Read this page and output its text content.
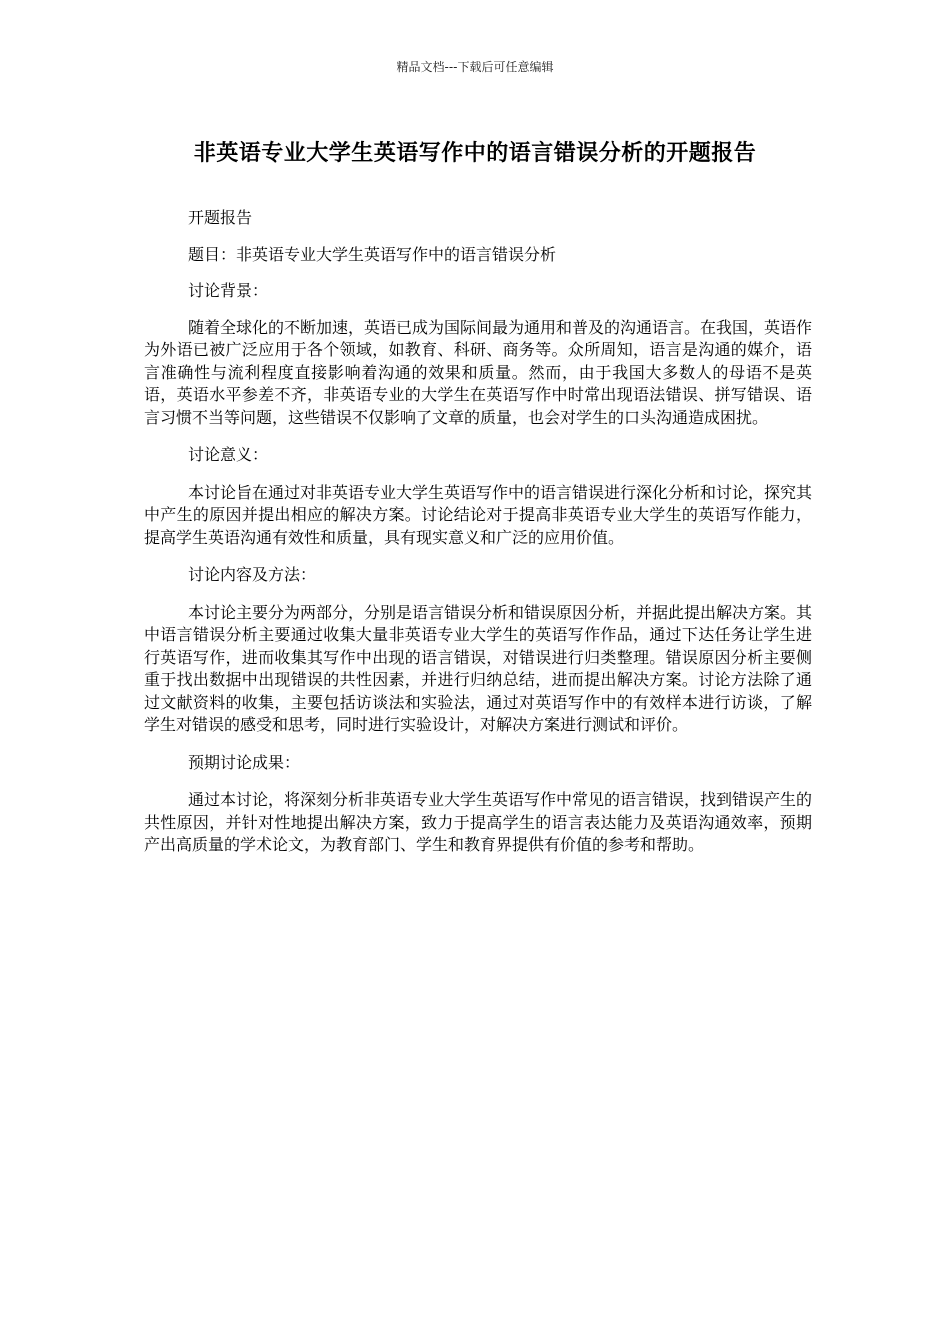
精品文档---下载后可任意编辑
非英语专业大学生英语写作中的语言错误分析的开题报告

开题报告

题目：非英语专业大学生英语写作中的语言错误分析

讨论背景：

随着全球化的不断加速，英语已成为国际间最为通用和普及的沟通语言。在我国，英语作为外语已被广泛应用于各个领域，如教育、科研、商务等。众所周知，语言是沟通的媒介，语言准确性与流利程度直接影响着沟通的效果和质量。然而，由于我国大多数人的母语不是英语，英语水平参差不齐，非英语专业的大学生在英语写作中时常出现语法错误、拼写错误、语言习惯不当等问题，这些错误不仅影响了文章的质量，也会对学生的口头沟通造成困扰。

讨论意义：

本讨论旨在通过对非英语专业大学生英语写作中的语言错误进行深化分析和讨论，探究其中产生的原因并提出相应的解决方案。讨论结论对于提高非英语专业大学生的英语写作能力，提高学生英语沟通有效性和质量，具有现实意义和广泛的应用价值。

讨论内容及方法：

本讨论主要分为两部分，分别是语言错误分析和错误原因分析，并据此提出解决方案。其中语言错误分析主要通过收集大量非英语专业大学生的英语写作作品，通过下达任务让学生进行英语写作，进而收集其写作中出现的语言错误，对错误进行归类整理。错误原因分析主要侧重于找出数据中出现错误的共性因素，并进行归纳总结，进而提出解决方案。讨论方法除了通过文献资料的收集，主要包括访谈法和实验法，通过对英语写作中的有效样本进行访谈，了解学生对错误的感受和思考，同时进行实验设计，对解决方案进行测试和评价。

预期讨论成果：

通过本讨论，将深刻分析非英语专业大学生英语写作中常见的语言错误，找到错误产生的共性原因，并针对性地提出解决方案，致力于提高学生的语言表达能力及英语沟通效率，预期产出高质量的学术论文，为教育部门、学生和教育界提供有价值的参考和帮助。
